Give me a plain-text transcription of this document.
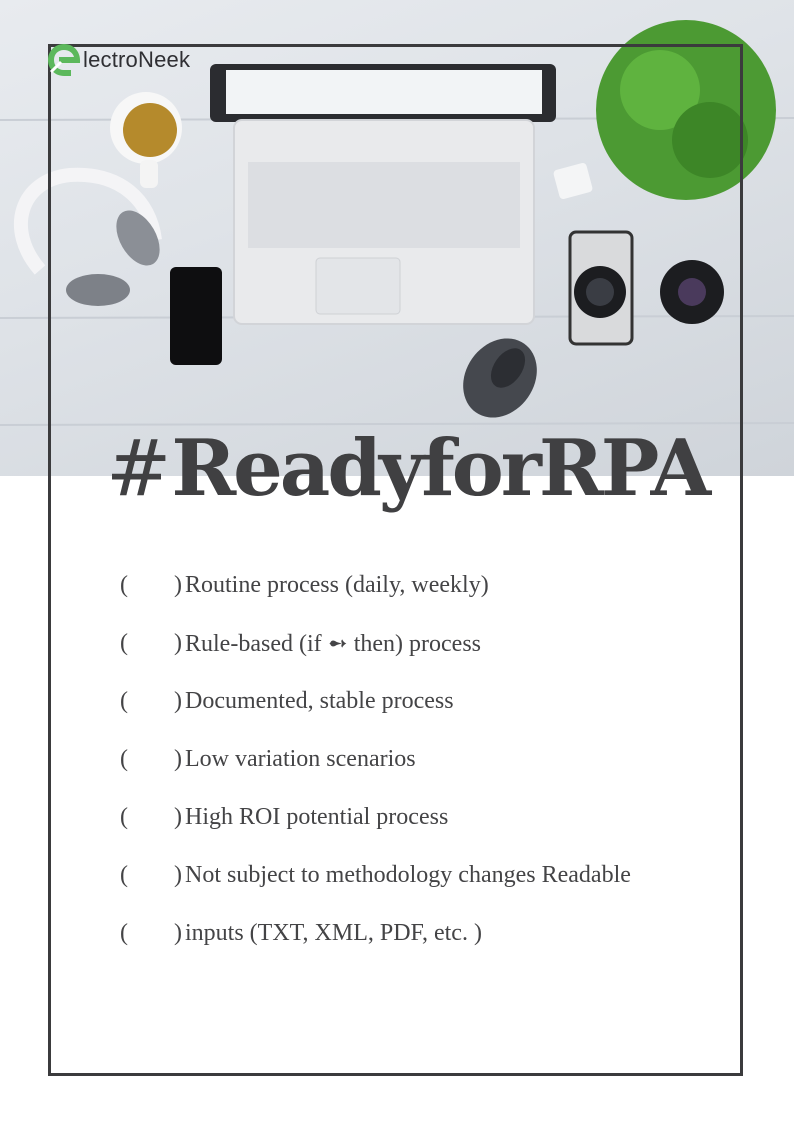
lectroNeek
#ReadyforRPA
( )
Routine process (daily, weekly)
( )
Rule-based (if ➻ then) process
( )
Documented, stable process
( )
Low variation scenarios
( )
High ROI potential process
( )
Not subject to methodology changes Readable
( )
inputs (TXT, XML, PDF, etc. )
